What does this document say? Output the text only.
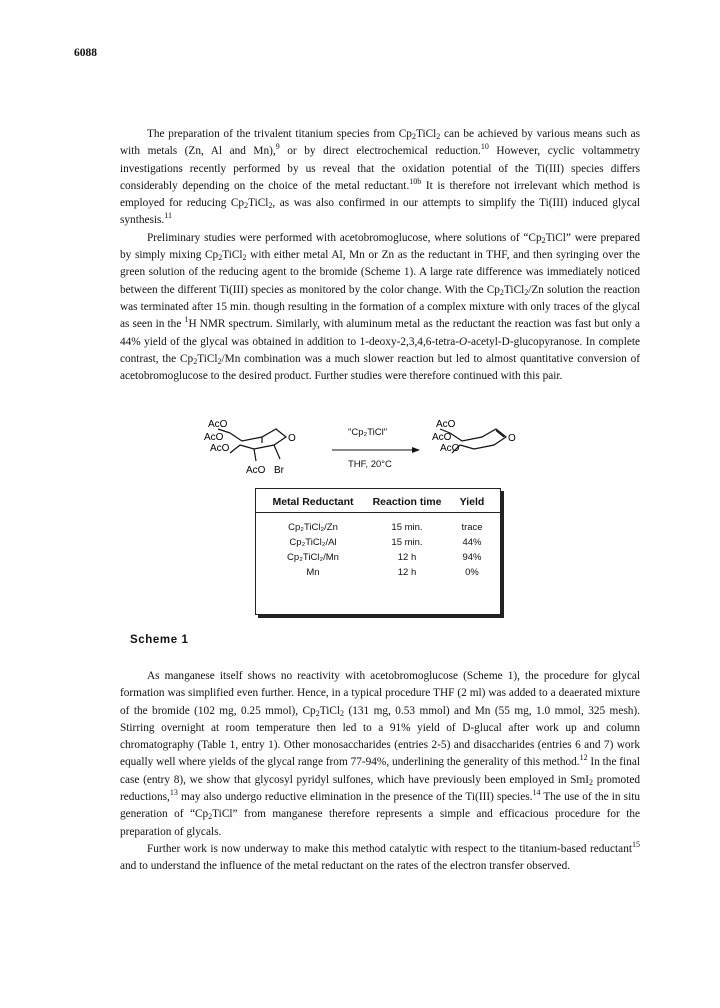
6088

The preparation of the trivalent titanium species from $Cp_2TiCl_2$ can be achieved by various means such as with metals (Zn, Al and Mn),$^9$ or by direct electrochemical reduction.$^{10}$ However, cyclic voltammetry investigations recently performed by us reveal that the oxidation potential of the Ti(III) species differs considerably depending on the choice of the metal reductant.$^{10b}$ It is therefore not irrelevant which method is employed for reducing $Cp_2TiCl_2$, as was also confirmed in our attempts to simplify the Ti(III) induced glycal synthesis.$^{11}$

Preliminary studies were performed with acetobromoglucose, where solutions of “$Cp_2TiCl$” were prepared by simply mixing $Cp_2TiCl_2$ with either metal Al, Mn or Zn as the reductant in THF, and then syringing over the green solution of the reducing agent to the bromide (Scheme 1). A large rate difference was immediately noticed between the different Ti(III) species as monitored by the color change. With the $Cp_2TiCl_2/Zn$ solution the reaction was terminated after 15 min. though resulting in the formation of a complex mixture with only traces of the glycal as seen in the $^1$H NMR spectrum. Similarly, with aluminum metal as the reductant the reaction was fast but only a 44% yield of the glycal was obtained in addition to 1-deoxy-2,3,4,6-tetra-O-acetyl-D-glucopyranose. In complete contrast, the $Cp_2TiCl_2/Mn$ combination was a much slower reaction but led to almost quantitative conversion of acetobromoglucose to the desired product. Further studies were therefore continued with this pair.

AcO
AcO
AcO
AcO Br
O
AcO
AcO
AcO
O
"Cp₂TiCl"
THF, 20°C
Metal Reductant	Reaction time	Yield
Cp₂TiCl₂/Zn	15 min.	trace
Cp₂TiCl₂/Al	15 min.	44%
Cp₂TiCl₂/Mn	12 h	94%
Mn	12 h	0%
Scheme 1

As manganese itself shows no reactivity with acetobromoglucose (Scheme 1), the procedure for glycal formation was simplified even further. Hence, in a typical procedure THF (2 ml) was added to a deaerated mixture of the bromide (102 mg, 0.25 mmol), $Cp_2TiCl_2$ (131 mg, 0.53 mmol) and Mn (55 mg, 1.0 mmol, 325 mesh). Stirring overnight at room temperature then led to a 91% yield of D-glucal after work up and column chromatography (Table 1, entry 1). Other monosaccharides (entries 2-5) and disaccharides (entries 6 and 7) work equally well where yields of the glycal range from 77-94%, underlining the generality of this method.$^{12}$ In the final case (entry 8), we show that glycosyl pyridyl sulfones, which have previously been employed in SmI$_2$ promoted reductions,$^{13}$ may also undergo reductive elimination in the presence of the Ti(III) species.$^{14}$ The use of the in situ generation of “$Cp_2TiCl$” from manganese therefore represents a simple and efficacious procedure for the preparation of glycals.

Further work is now underway to make this method catalytic with respect to the titanium-based reductant$^{15}$ and to understand the influence of the metal reductant on the rates of the electron transfer observed.
